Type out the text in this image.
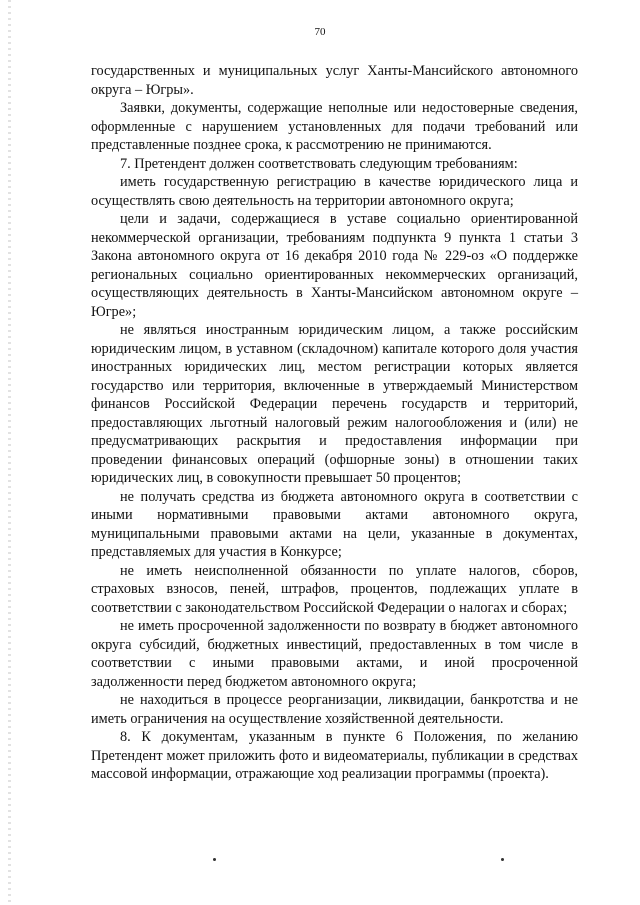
70

государственных и муниципальных услуг Ханты-Мансийского автономного округа – Югры».

Заявки, документы, содержащие неполные или недостоверные сведения, оформленные с нарушением установленных для подачи требований или представленные позднее срока, к рассмотрению не принимаются.

7. Претендент должен соответствовать следующим требованиям:

иметь государственную регистрацию в качестве юридического лица и осуществлять свою деятельность на территории автономного округа;

цели и задачи, содержащиеся в уставе социально ориентированной некоммерческой организации, требованиям подпункта 9 пункта 1 статьи 3 Закона автономного округа от 16 декабря 2010 года № 229-оз «О поддержке региональных социально ориентированных некоммерческих организаций, осуществляющих деятельность в Ханты-Мансийском автономном округе – Югре»;

не являться иностранным юридическим лицом, а также российским юридическим лицом, в уставном (складочном) капитале которого доля участия иностранных юридических лиц, местом регистрации которых является государство или территория, включенные в утверждаемый Министерством финансов Российской Федерации перечень государств и территорий, предоставляющих льготный налоговый режим налогообложения и (или) не предусматривающих раскрытия и предоставления информации при проведении финансовых операций (офшорные зоны) в отношении таких юридических лиц, в совокупности превышает 50 процентов;

не получать средства из бюджета автономного округа в соответствии с иными нормативными правовыми актами автономного округа, муниципальными правовыми актами на цели, указанные в документах, представляемых для участия в Конкурсе;

не иметь неисполненной обязанности по уплате налогов, сборов, страховых взносов, пеней, штрафов, процентов, подлежащих уплате в соответствии с законодательством Российской Федерации о налогах и сборах;

не иметь просроченной задолженности по возврату в бюджет автономного округа субсидий, бюджетных инвестиций, предоставленных в том числе в соответствии с иными правовыми актами, и иной просроченной задолженности перед бюджетом автономного округа;

не находиться в процессе реорганизации, ликвидации, банкротства и не иметь ограничения на осуществление хозяйственной деятельности.

8. К документам, указанным в пункте 6 Положения, по желанию Претендент может приложить фото и видеоматериалы, публикации в средствах массовой информации, отражающие ход реализации программы (проекта).
